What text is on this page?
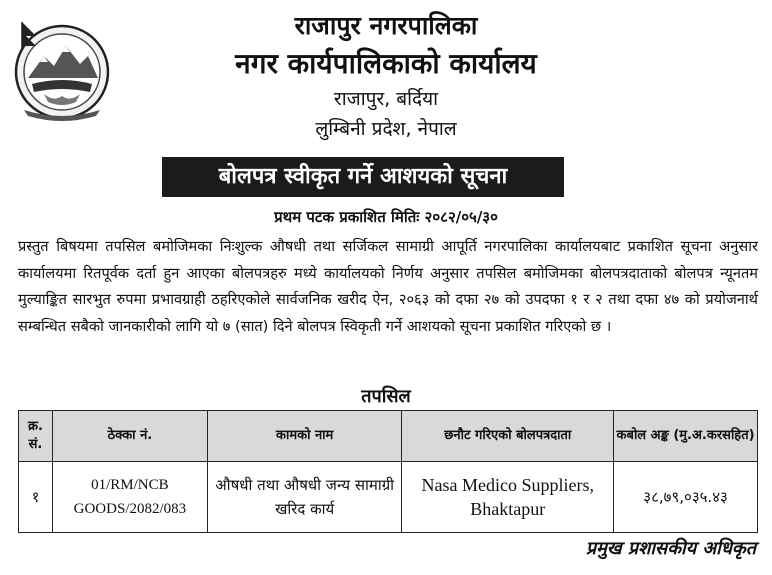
राजापुर नगरपालिका
नगर कार्यपालिकाको कार्यालय
राजापुर, बर्दिया
लुम्बिनी प्रदेश, नेपाल
बोलपत्र स्वीकृत गर्ने आशयको सूचना
प्रथम पटक प्रकाशित मितिः २०८२/०५/३०
प्रस्तुत बिषयमा तपसिल बमोजिमका निःशुल्क औषधी तथा सर्जिकल सामाग्री आपूर्ति नगरपालिका कार्यालयबाट प्रकाशित सूचना अनुसार कार्यालयमा रितपूर्वक दर्ता हुन आएका बोलपत्रहरु मध्ये कार्यालयको निर्णय अनुसार तपसिल बमोजिमका बोलपत्रदाताको बोलपत्र न्यूनतम मुल्याङ्कित सारभुत रुपमा प्रभावग्राही ठहरिएकोले सार्वजनिक खरीद ऐन, २०६३ को दफा २७ को उपदफा १ र २ तथा दफा ४७ को प्रयोजनार्थ सम्बन्धित सबैको जानकारीको लागि यो ७ (सात) दिने बोलपत्र स्विकृती गर्ने आशयको सूचना प्रकाशित गरिएको छ ।
तपसिल
क्र. सं.	ठेक्का नं.	कामको नाम	छनौट गरिएको बोलपत्रदाता	कबोल अङ्क (मु.अ.करसहित)
१	01/RM/NCB GOODS/2082/083	औषधी तथा औषधी जन्य सामाग्री खरिद कार्य	Nasa Medico Suppliers, Bhaktapur	३८,७९,०३५.४३
प्रमुख प्रशासकीय अधिकृत
